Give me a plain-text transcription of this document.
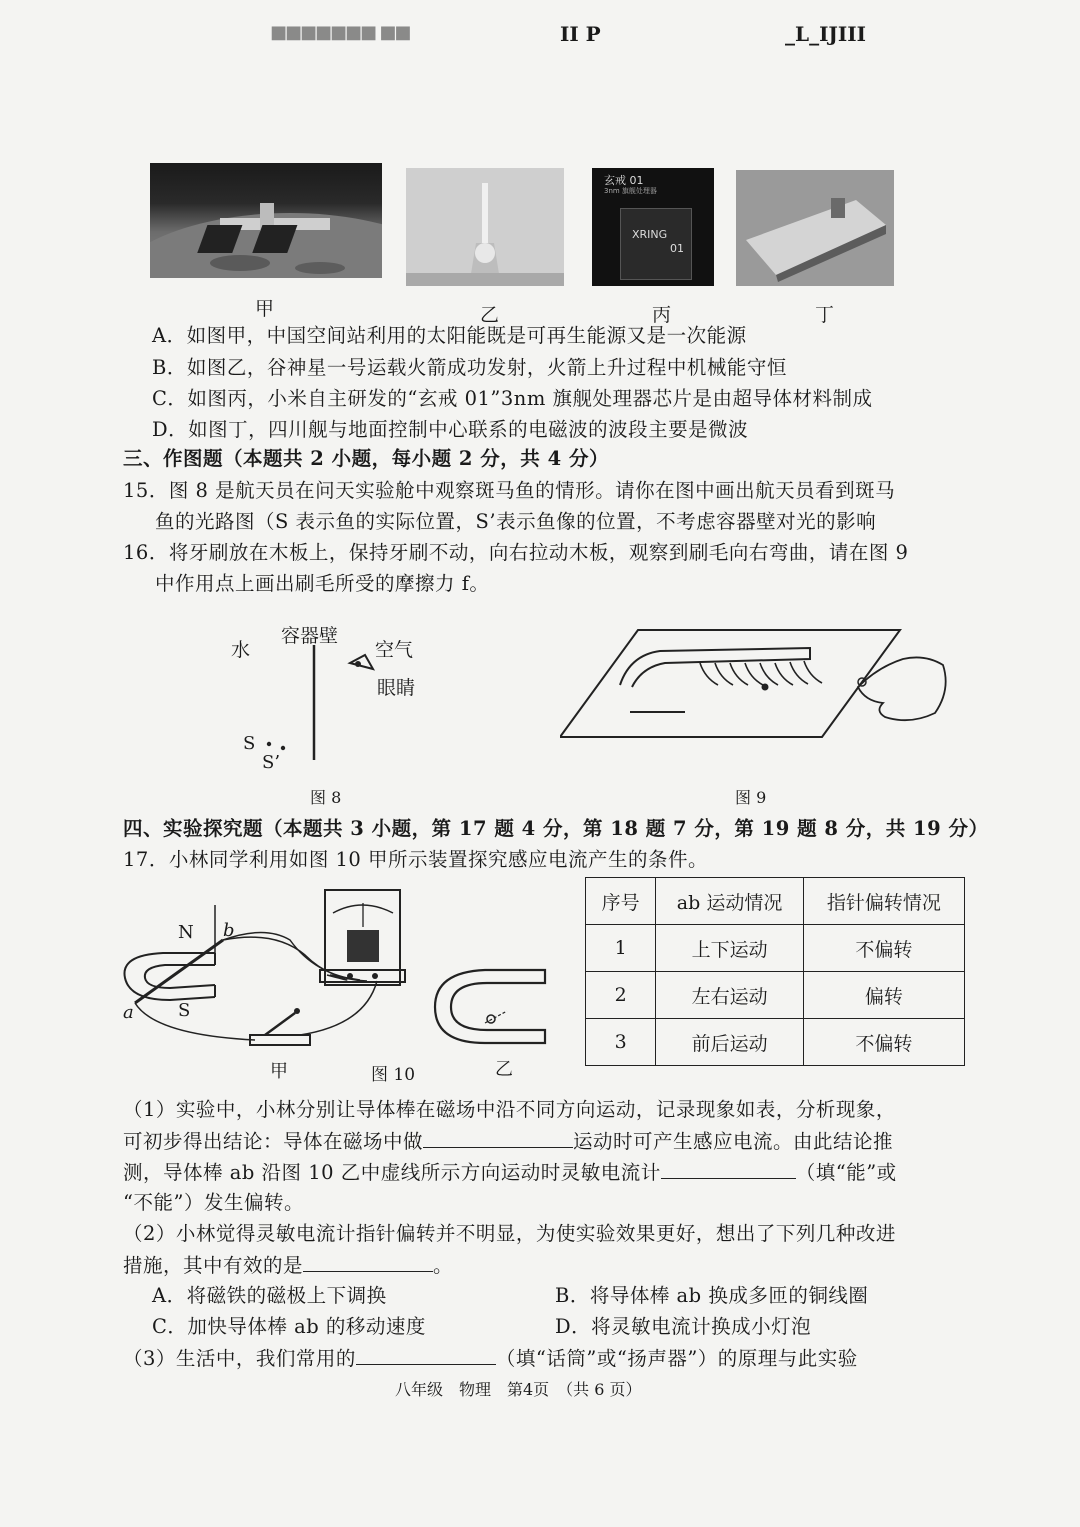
■■■■■■■ ■■	II P	_L_IJIII
玄戒 01
3nm 旗舰处理器
XRING
01
甲	乙	丙	丁
A．如图甲，中国空间站利用的太阳能既是可再生能源又是一次能源
B．如图乙，谷神星一号运载火箭成功发射，火箭上升过程中机械能守恒
C．如图丙，小米自主研发的“玄戒 01”3nm 旗舰处理器芯片是由超导体材料制成
D．如图丁，四川舰与地面控制中心联系的电磁波的波段主要是微波
三、作图题（本题共 2 小题，每小题 2 分，共 4 分）
15．图 8 是航天员在问天实验舱中观察斑马鱼的情形。请你在图中画出航天员看到斑马
鱼的光路图（S 表示鱼的实际位置，S’表示鱼像的位置，不考虑容器壁对光的影响
16．将牙刷放在木板上，保持牙刷不动，向右拉动木板，观察到刷毛向右弯曲，请在图 9
中作用点上画出刷毛所受的摩擦力 f。
水
容器壁
空气
眼睛
S
S’
图 8	图 9
四、实验探究题（本题共 3 小题，第 17 题 4 分，第 18 题 7 分，第 19 题 8 分，共 19 分）
17．小林同学利用如图 10 甲所示装置探究感应电流产生的条件。
N b
S
a
甲	图 10	乙
序号	ab 运动情况	指针偏转情况
1	上下运动	不偏转
2	左右运动	偏转
3	前后运动	不偏转
（1）实验中，小林分别让导体棒在磁场中沿不同方向运动，记录现象如表，分析现象，
可初步得出结论：导体在磁场中做	运动时可产生感应电流。由此结论推
测，导体棒 ab 沿图 10 乙中虚线所示方向运动时灵敏电流计	（填“能”或
“不能”）发生偏转。
（2）小林觉得灵敏电流计指针偏转并不明显，为使实验效果更好，想出了下列几种改进
措施，其中有效的是	。
A．将磁铁的磁极上下调换	B．将导体棒 ab 换成多匝的铜线圈
C．加快导体棒 ab 的移动速度	D．将灵敏电流计换成小灯泡
（3）生活中，我们常用的	（填“话筒”或“扬声器”）的原理与此实验
八年级　物理　第4页　（共 6 页）
